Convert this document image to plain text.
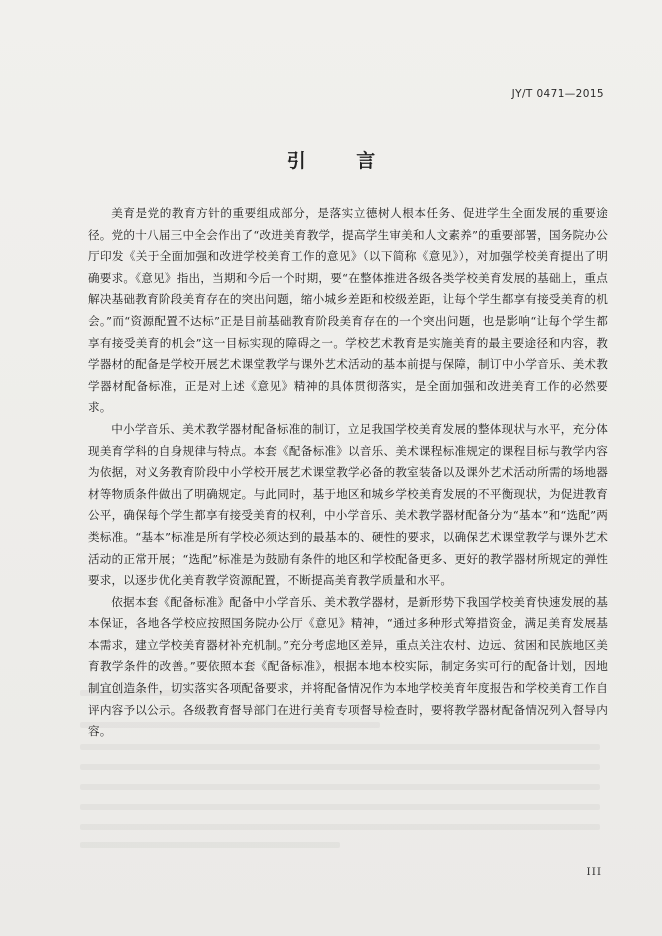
JY/T 0471—2015
引 言

美育是党的教育方针的重要组成部分，是落实立德树人根本任务、促进学生全面发展的重要途径。党的十八届三中全会作出了“改进美育教学，提高学生审美和人文素养”的重要部署，国务院办公厅印发《关于全面加强和改进学校美育工作的意见》（以下简称《意见》），对加强学校美育提出了明确要求。《意见》指出，当期和今后一个时期，要“在整体推进各级各类学校美育发展的基础上，重点解决基础教育阶段美育存在的突出问题，缩小城乡差距和校级差距，让每个学生都享有接受美育的机会。”而“资源配置不达标”正是目前基础教育阶段美育存在的一个突出问题，也是影响“让每个学生都享有接受美育的机会”这一目标实现的障碍之一。学校艺术教育是实施美育的最主要途径和内容，教学器材的配备是学校开展艺术课堂教学与课外艺术活动的基本前提与保障，制订中小学音乐、美术教学器材配备标准，正是对上述《意见》精神的具体贯彻落实，是全面加强和改进美育工作的必然要求。

中小学音乐、美术教学器材配备标准的制订，立足我国学校美育发展的整体现状与水平，充分体现美育学科的自身规律与特点。本套《配备标准》以音乐、美术课程标准规定的课程目标与教学内容为依据，对义务教育阶段中小学校开展艺术课堂教学必备的教室装备以及课外艺术活动所需的场地器材等物质条件做出了明确规定。与此同时，基于地区和城乡学校美育发展的不平衡现状，为促进教育公平，确保每个学生都享有接受美育的权利，中小学音乐、美术教学器材配备分为“基本”和“选配”两类标准。“基本”标准是所有学校必须达到的最基本的、硬性的要求，以确保艺术课堂教学与课外艺术活动的正常开展；“选配”标准是为鼓励有条件的地区和学校配备更多、更好的教学器材所规定的弹性要求，以逐步优化美育教学资源配置，不断提高美育教学质量和水平。

依据本套《配备标准》配备中小学音乐、美术教学器材，是新形势下我国学校美育快速发展的基本保证，各地各学校应按照国务院办公厅《意见》精神，“通过多种形式筹措资金，满足美育发展基本需求，建立学校美育器材补充机制。”充分考虑地区差异，重点关注农村、边远、贫困和民族地区美育教学条件的改善。”要依照本套《配备标准》，根据本地本校实际，制定务实可行的配备计划，因地制宜创造条件，切实落实各项配备要求，并将配备情况作为本地学校美育年度报告和学校美育工作自评内容予以公示。各级教育督导部门在进行美育专项督导检查时，要将教学器材配备情况列入督导内容。

III
